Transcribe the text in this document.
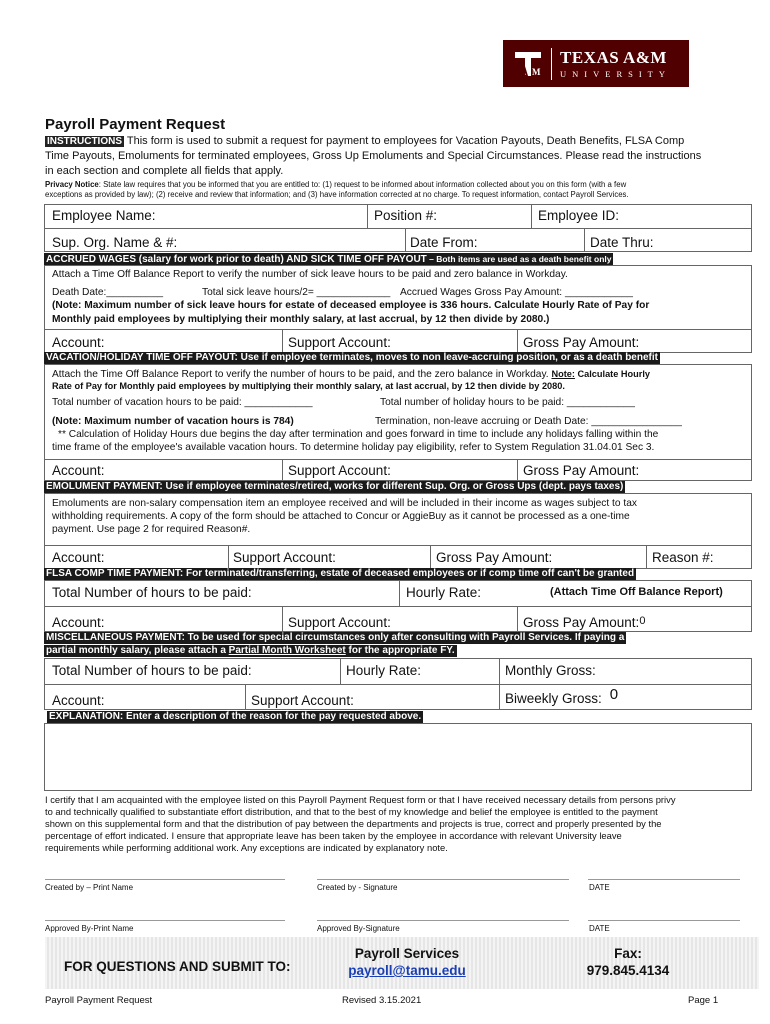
M
TEXAS A&M
UNIVERSITY
Payroll Payment Request
INSTRUCTIONS This form is used to submit a request for payment to employees for Vacation Payouts, Death Benefits, FLSA Comp
Time Payouts, Emoluments for terminated employees, Gross Up Emoluments and Special Circumstances. Please read the instructions
in each section and complete all fields that apply.
Privacy Notice: State law requires that you be informed that you are entitled to: (1) request to be informed about information collected about you on this form (with a few
exceptions as provided by law); (2) receive and review that information; and (3) have information corrected at no charge. To request information, contact Payroll Services.
Employee Name:	Position #:	Employee ID:
Sup. Org. Name & #:	Date From:	Date Thru:
ACCRUED WAGES (salary for work prior to death) AND SICK TIME OFF PAYOUT – Both items are used as a death benefit only
Attach a Time Off Balance Report to verify the number of sick leave hours to be paid and zero balance in Workday.
Death Date:__________	Total sick leave hours/2= _____________ Accrued Wages Gross Pay Amount: ____________
(Note: Maximum number of sick leave hours for estate of deceased employee is 336 hours. Calculate Hourly Rate of Pay for
Monthly paid employees by multiplying their monthly salary, at last accrual, by 12 then divide by 2080.)
Account:	Support Account:	Gross Pay Amount:
VACATION/HOLIDAY TIME OFF PAYOUT: Use if employee terminates, moves to non leave-accruing position, or as a death benefit
Attach the Time Off Balance Report to verify the number of hours to be paid, and the zero balance in Workday. Note: Calculate Hourly
Rate of Pay for Monthly paid employees by multiplying their monthly salary, at last accrual, by 12 then divide by 2080.
Total number of vacation hours to be paid: ____________	Total number of holiday hours to be paid: ____________
(Note: Maximum number of vacation hours is 784)	Termination, non-leave accruing or Death Date: ________________
** Calculation of Holiday Hours due begins the day after termination and goes forward in time to include any holidays falling within the
time frame of the employee's available vacation hours. To determine holiday pay eligibility, refer to System Regulation 31.04.01 Sec 3.
Account:	Support Account:	Gross Pay Amount:
EMOLUMENT PAYMENT: Use if employee terminates/retired, works for different Sup. Org. or Gross Ups (dept. pays taxes)
Emoluments are non-salary compensation item an employee received and will be included in their income as wages subject to tax
withholding requirements. A copy of the form should be attached to Concur or AggieBuy as it cannot be processed as a one-time
payment. Use page 2 for required Reason#.
Account:	Support Account:	Gross Pay Amount:	Reason #:
FLSA COMP TIME PAYMENT: For terminated/transferring, estate of deceased employees or if comp time off can't be granted
Total Number of hours to be paid:	Hourly Rate:	(Attach Time Off Balance Report)
Account:	Support Account:	Gross Pay Amount:$^0$
MISCELLANEOUS PAYMENT: To be used for special circumstances only after consulting with Payroll Services. If paying a
partial monthly salary, please attach a Partial Month Worksheet for the appropriate FY.
Total Number of hours to be paid:	Hourly Rate:	Monthly Gross:
Account:	Support Account:	Biweekly Gross: 0
EXPLANATION: Enter a description of the reason for the pay requested above.
I certify that I am acquainted with the employee listed on this Payroll Payment Request form or that I have received necessary details from persons privy
to and technically qualified to substantiate effort distribution, and that to the best of my knowledge and belief the employee is entitled to the payment
shown on this supplemental form and that the distribution of pay between the departments and projects is true, correct and properly presented by the
percentage of effort indicated. I ensure that appropriate leave has been taken by the employee in accordance with relevant University leave
requirements while performing additional work. Any exceptions are indicated by explanatory note.
Created by – Print Name	Created by - Signature	DATE
Approved By-Print Name	Approved By-Signature	DATE
FOR QUESTIONS AND SUBMIT TO:
Payroll Services
payroll@tamu.edu
Fax:
979.845.4134
Payroll Payment Request	Revised 3.15.2021	Page 1
